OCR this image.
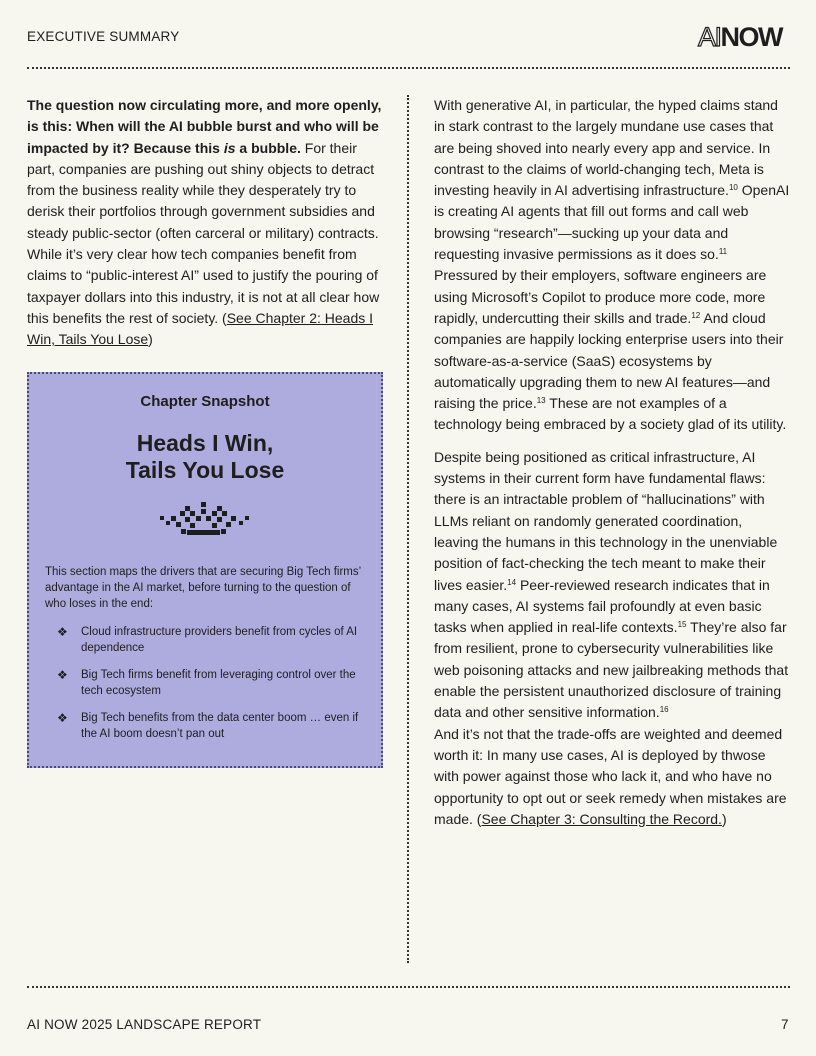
EXECUTIVE SUMMARY	AINOW

The question now circulating more, and more openly, is this: When will the AI bubble burst and who will be impacted by it? Because this is a bubble. For their part, companies are pushing out shiny objects to detract from the business reality while they desperately try to derisk their portfolios through government subsidies and steady public-sector (often carceral or military) contracts. While it’s very clear how tech companies benefit from claims to “public-interest AI” used to justify the pouring of taxpayer dollars into this industry, it is not at all clear how this benefits the rest of society. (See Chapter 2: Heads I Win, Tails You Lose)

Chapter Snapshot
Heads I Win,
Tails You Lose
This section maps the drivers that are securing Big Tech firms’ advantage in the AI market, before turning to the question of who loses in the end:
❖ Cloud infrastructure providers benefit from cycles of AI dependence
❖ Big Tech firms benefit from leveraging control over the tech ecosystem
❖ Big Tech benefits from the data center boom … even if the AI boom doesn’t pan out

With generative AI, in particular, the hyped claims stand in stark contrast to the largely mundane use cases that are being shoved into nearly every app and service. In contrast to the claims of world-changing tech, Meta is investing heavily in AI advertising infrastructure.$^{10}$ OpenAI is creating AI agents that fill out forms and call web browsing “research”—sucking up your data and requesting invasive permissions as it does so.$^{11}$ Pressured by their employers, software engineers are using Microsoft’s Copilot to produce more code, more rapidly, undercutting their skills and trade.$^{12}$ And cloud companies are happily locking enterprise users into their software-as-a-service (SaaS) ecosystems by automatically upgrading them to new AI features—and raising the price.$^{13}$ These are not examples of a technology being embraced by a society glad of its utility.

Despite being positioned as critical infrastructure, AI systems in their current form have fundamental flaws: there is an intractable problem of “hallucinations” with LLMs reliant on randomly generated coordination, leaving the humans in this technology in the unenviable position of fact-checking the tech meant to make their lives easier.$^{14}$ Peer-reviewed research indicates that in many cases, AI systems fail profoundly at even basic tasks when applied in real-life contexts.$^{15}$ They’re also far from resilient, prone to cybersecurity vulnerabilities like web poisoning attacks and new jailbreaking methods that enable the persistent unauthorized disclosure of training data and other sensitive information.$^{16}$

And it’s not that the trade-offs are weighted and deemed worth it: In many use cases, AI is deployed by thwose with power against those who lack it, and who have no opportunity to opt out or seek remedy when mistakes are made. (See Chapter 3: Consulting the Record.)

AI NOW 2025 LANDSCAPE REPORT	7
